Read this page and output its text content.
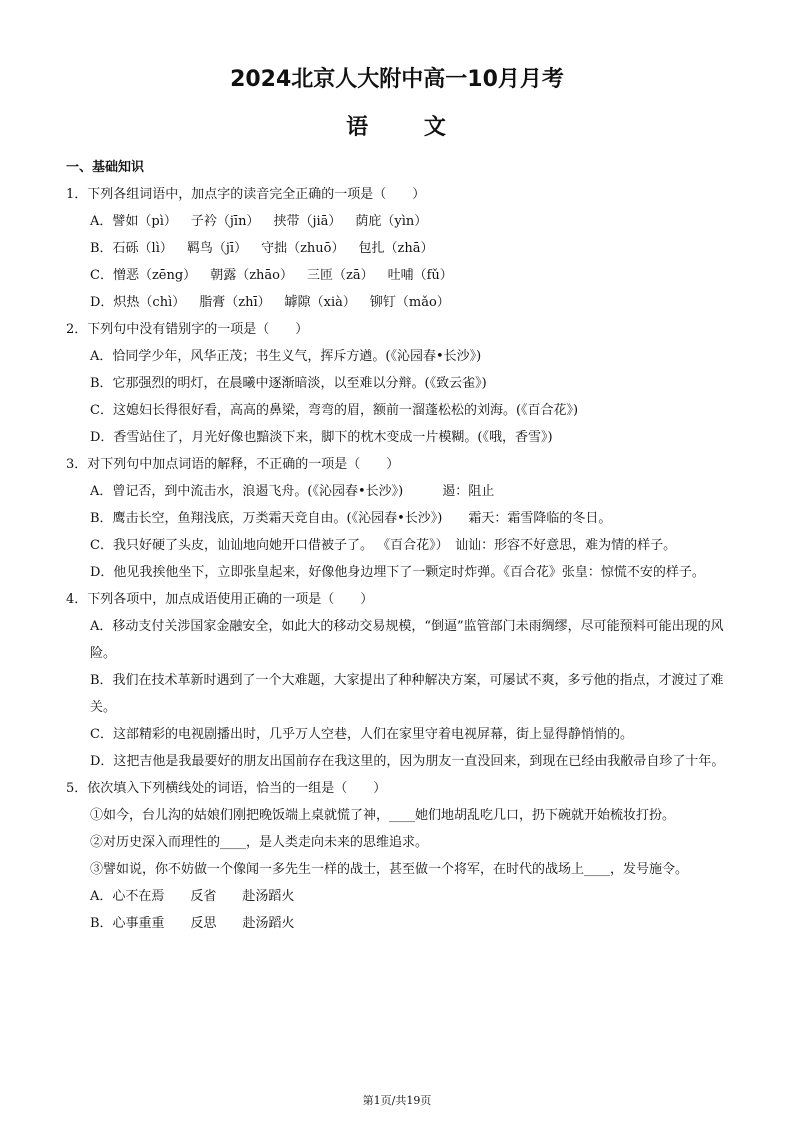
2024北京人大附中高一10月月考
语 文
一、基础知识
1．下列各组词语中，加点字的读音完全正确的一项是（　　）
A．譬如（pì） 子衿（jīn） 挟带（jiā） 荫庇（yìn）
B．石砾（lì） 羁鸟（jī） 守拙（zhuō） 包扎（zhā）
C．憎恶（zēng） 朝露（zhāo） 三匝（zā） 吐哺（fǔ）
D．炽热（chì） 脂膏（zhī） 罅隙（xià） 铆钉（mǎo）
2．下列句中没有错别字的一项是（　　）
A．恰同学少年，风华正茂；书生义气，挥斥方遒。(《沁园春•长沙》)
B．它那强烈的明灯，在晨曦中逐渐暗淡，以至难以分辩。(《致云雀》)
C．这媳妇长得很好看，高高的鼻梁，弯弯的眉，额前一溜蓬松松的刘海。(《百合花》)
D．香雪站住了，月光好像也黯淡下来，脚下的枕木变成一片模糊。(《哦，香雪》)
3．对下列句中加点词语的解释，不正确的一项是（　　）
A．曾记否，到中流击水，浪遏飞舟。(《沁园春•长沙》)　　　遏：阻止
B．鹰击长空，鱼翔浅底，万类霜天竞自由。(《沁园春•长沙》)　　霜天：霜雪降临的冬日。
C．我只好硬了头皮，讪讪地向她开口借被子了。 《百合花》）　讪讪：形容不好意思，难为情的样子。
D．他见我挨他坐下，立即张皇起来，好像他身边埋下了一颗定时炸弹。《百合花》张皇：惊慌不安的样子。
4．下列各项中，加点成语使用正确的一项是（　　）
A．移动支付关涉国家金融安全，如此大的移动交易规模，“倒逼”监管部门未雨绸缪，尽可能预料可能出现的风险。
B．我们在技术革新时遇到了一个大难题，大家提出了种种解决方案，可屡试不爽，多亏他的指点，才渡过了难关。
C．这部精彩的电视剧播出时，几乎万人空巷，人们在家里守着电视屏幕，街上显得静悄悄的。
D．这把吉他是我最要好的朋友出国前存在我这里的，因为朋友一直没回来，到现在已经由我敝帚自珍了十年。
5．依次填入下列横线处的词语，恰当的一组是（　　）
①如今，台儿沟的姑娘们刚把晚饭端上桌就慌了神，____她们地胡乱吃几口，扔下碗就开始梳妆打扮。
②对历史深入而理性的____，是人类走向未来的思维追求。
③譬如说，你不妨做一个像闻一多先生一样的战士，甚至做一个将军，在时代的战场上____，发号施令。
A．心不在焉　　反省　　赴汤蹈火
B．心事重重　　反思　　赴汤蹈火
第1页/共19页
